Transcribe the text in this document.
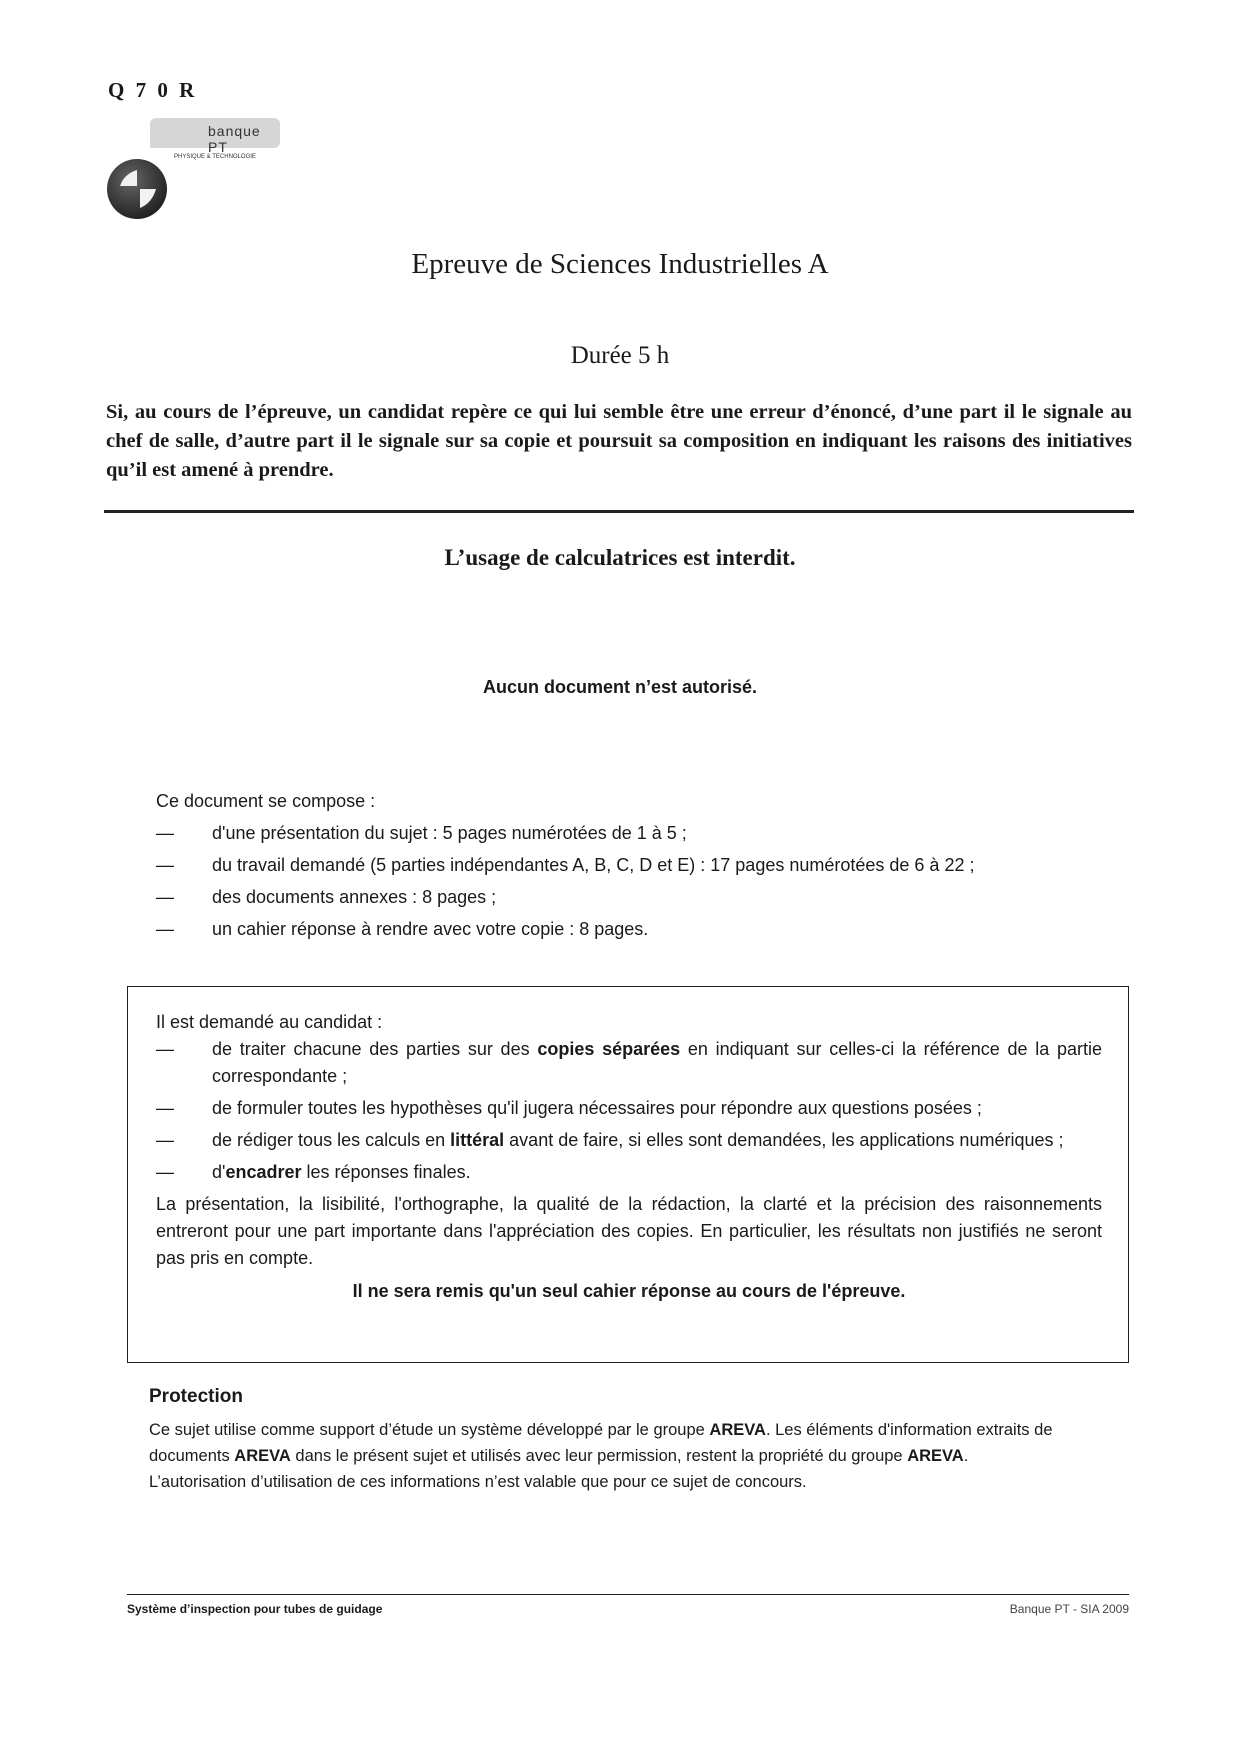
Q 7 0 R
banque PT
PHYSIQUE & TECHNOLOGIE
Epreuve de Sciences Industrielles A
Durée 5 h
Si, au cours de l’épreuve, un candidat repère ce qui lui semble être une erreur d’énoncé, d’une part il le signale au chef de salle, d’autre part il le signale sur sa copie et poursuit sa composition en indiquant les raisons des initiatives qu’il est amené à prendre.
L’usage de calculatrices est interdit.
Aucun document n’est autorisé.
Ce document se compose :
—	d'une présentation du sujet : 5 pages numérotées de 1 à 5 ;
—	du travail demandé (5 parties indépendantes A, B, C, D et E) : 17 pages numérotées de 6 à 22 ;
—	des documents annexes : 8 pages ;
—	un cahier réponse à rendre avec votre copie : 8 pages.
Il est demandé au candidat :
—	de traiter chacune des parties sur des copies séparées en indiquant sur celles-ci la référence de la partie correspondante ;
—	de formuler toutes les hypothèses qu'il jugera nécessaires pour répondre aux questions posées ;
—	de rédiger tous les calculs en littéral avant de faire, si elles sont demandées, les applications numériques ;
—	d'encadrer les réponses finales.
La présentation, la lisibilité, l'orthographe, la qualité de la rédaction, la clarté et la précision des raisonnements entreront pour une part importante dans l'appréciation des copies. En particulier, les résultats non justifiés ne seront pas pris en compte.
Il ne sera remis qu'un seul cahier réponse au cours de l'épreuve.
Protection
Ce sujet utilise comme support d’étude un système développé par le groupe AREVA. Les éléments d'information extraits de documents AREVA dans le présent sujet et utilisés avec leur permission, restent la propriété du groupe AREVA.
L’autorisation d’utilisation de ces informations n’est valable que pour ce sujet de concours.
Système d’inspection pour tubes de guidage	Banque PT - SIA 2009
